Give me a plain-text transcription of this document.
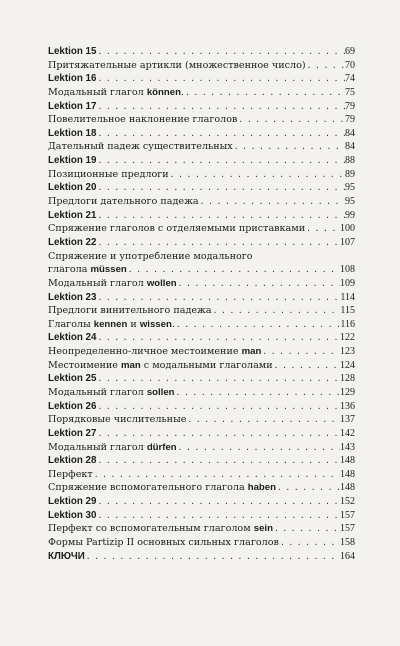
Lektion 15 . . .	69
Притяжательные артикли (множественное число) . . .	70
Lektion 16 . . .	74
Модальный глагол können. . . .	75
Lektion 17 . . .	79
Повелительное наклонение глаголов . . .	79
Lektion 18 . . .	84
Дательный падеж существительных . . .	84
Lektion 19 . . .	88
Позиционные предлоги . . .	89
Lektion 20 . . .	95
Предлоги дательного падежа . . .	95
Lektion 21 . . .	99
Спряжение глаголов с отделяемыми приставками . . .	100
Lektion 22 . . .	107
Спряжение и употребление модального
глагола müssen . . .	108
Модальный глагол wollen . . .	109
Lektion 23 . . .	114
Предлоги винительного падежа . . .	115
Глаголы kennen и wissen. . . .	116
Lektion 24 . . .	122
Неопределенно-личное местоимение man . . .	123
Местоимение man с модальными глаголами . . .	124
Lektion 25 . . .	128
Модальный глагол sollen . . .	129
Lektion 26 . . .	136
Порядковые числительные . . .	137
Lektion 27 . . .	142
Модальный глагол dürfen . . .	143
Lektion 28 . . .	148
Перфект . . .	148
Спряжение вспомогательного глагола haben . . .	148
Lektion 29 . . .	152
Lektion 30 . . .	157
Перфект со вспомогательным глаголом sein . . .	157
Формы Partizip II основных сильных глаголов . . .	158
КЛЮЧИ . . .	164
